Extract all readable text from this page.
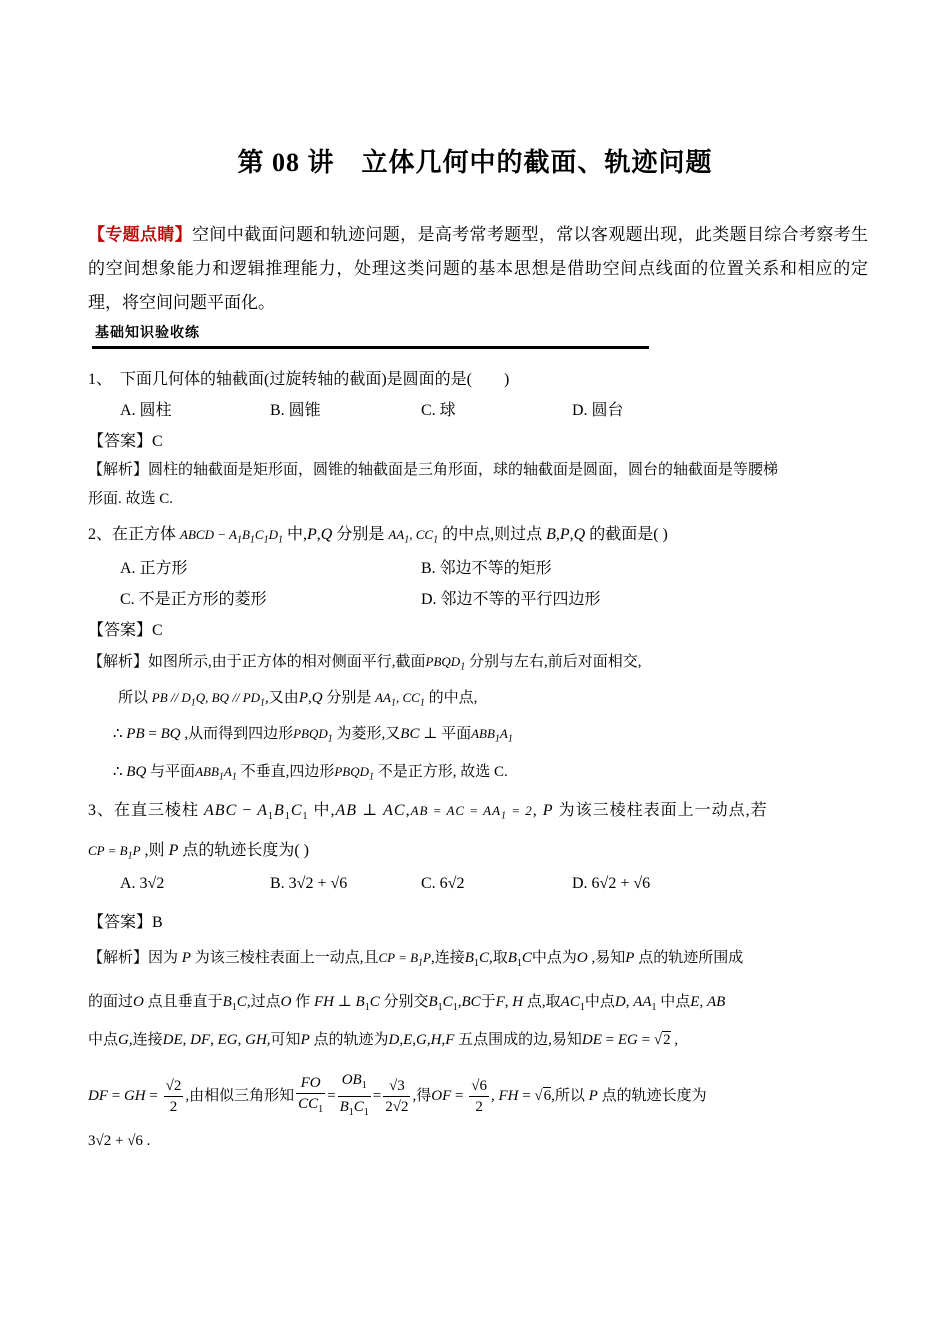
第 08 讲　立体几何中的截面、轨迹问题
【专题点睛】空间中截面问题和轨迹问题，是高考常考题型，常以客观题出现，此类题目综合考察考生的空间想象能力和逻辑推理能力，处理这类问题的基本思想是借助空间点线面的位置关系和相应的定理，将空间问题平面化。
基础知识验收练
1、　下面几何体的轴截面(过旋转轴的截面)是圆面的是(　　)
A. 圆柱	B. 圆锥	C. 球	D. 圆台
【答案】C
【解析】圆柱的轴截面是矩形面，圆锥的轴截面是三角形面，球的轴截面是圆面，圆台的轴截面是等腰梯
形面. 故选 C.
2、在正方体 ABCD − $A_1B_1C_1D_1$ 中,P,Q 分别是 $AA_1$, $CC_1$ 的中点,则过点 B,P,Q 的截面是( )
A. 正方形	B. 邻边不等的矩形
C. 不是正方形的菱形	D. 邻边不等的平行四边形
【答案】C
【解析】如图所示,由于正方体的相对侧面平行,截面$PBQD_1$ 分别与左右,前后对面相交,
所以 PB // $D_1Q$, BQ // $PD_1$,又由P,Q 分别是 $AA_1$, $CC_1$ 的中点,
∴ PB = BQ ,从而得到四边形$PBQD_1$ 为菱形,又BC ⊥ 平面$ABB_1A_1$
∴ BQ 与平面$ABB_1A_1$ 不垂直,四边形$PBQD_1$ 不是正方形, 故选 C.
3、在直三棱柱 ABC − $A_1B_1C_1$ 中,AB ⊥ AC,AB = AC = $AA_1 = 2$, P 为该三棱柱表面上一动点,若
CP = $B_1P$ ,则 P 点的轨迹长度为( )
A. 3√2	B. 3√2 + √6	C. 6√2	D. 6√2 + √6
【答案】B
【解析】因为 P 为该三棱柱表面上一动点,且CP = $B_1P$,连接$B_1C$,取$B_1C$中点为O ,易知P 点的轨迹所围成
的面过O 点且垂直于$B_1C$,过点O 作 FH ⊥ $B_1C$ 分别交$B_1C_1,BC$于F, H 点,取$AC_1$中点D, $AA_1$ 中点E, AB
中点G,连接DE, DF, EG, GH,可知P 点的轨迹为D,E,G,H,F 五点围成的边,易知DE = EG = √2 ,
DF = GH = $\frac{√2}{2}$ ,由相似三角形知 $\frac{FO}{CC_1} = \frac{OB_1}{B_1C_1} = \frac{√3}{2√2}$ ,得OF = $\frac{√6}{2}$ , FH = √6,所以 P 点的轨迹长度为
3√2 + √6 .
